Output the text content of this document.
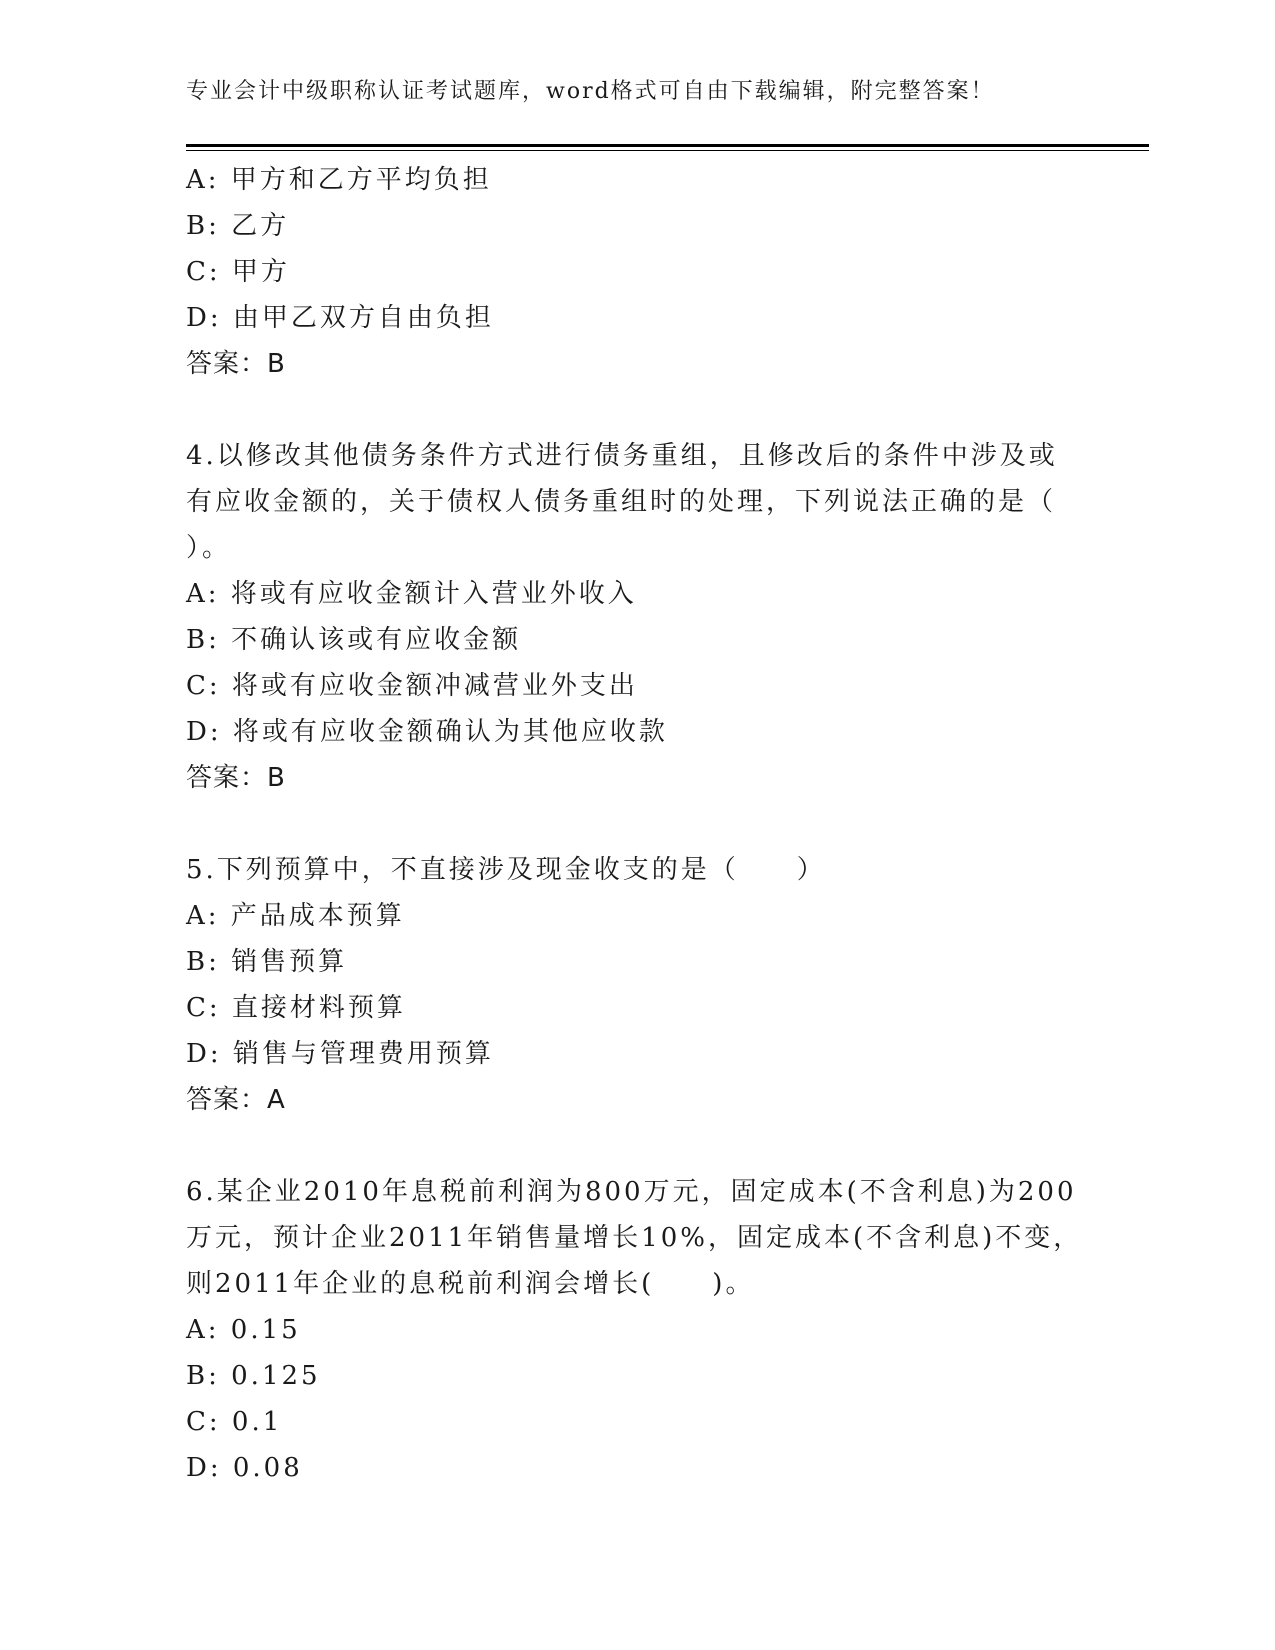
专业会计中级职称认证考试题库，word格式可自由下载编辑，附完整答案！
A: 甲方和乙方平均负担
B: 乙方
C: 甲方
D: 由甲乙双方自由负担
答案：B
4.以修改其他债务条件方式进行债务重组，且修改后的条件中涉及或
有应收金额的，关于债权人债务重组时的处理，下列说法正确的是（
）。
A: 将或有应收金额计入营业外收入
B: 不确认该或有应收金额
C: 将或有应收金额冲减营业外支出
D: 将或有应收金额确认为其他应收款
答案：B
5.下列预算中，不直接涉及现金收支的是（　　）
A: 产品成本预算
B: 销售预算
C: 直接材料预算
D: 销售与管理费用预算
答案：A
6.某企业2010年息税前利润为800万元，固定成本(不含利息)为200
万元，预计企业2011年销售量增长10%，固定成本(不含利息)不变，
则2011年企业的息税前利润会增长(　　)。
A: 0.15
B: 0.125
C: 0.1
D: 0.08
